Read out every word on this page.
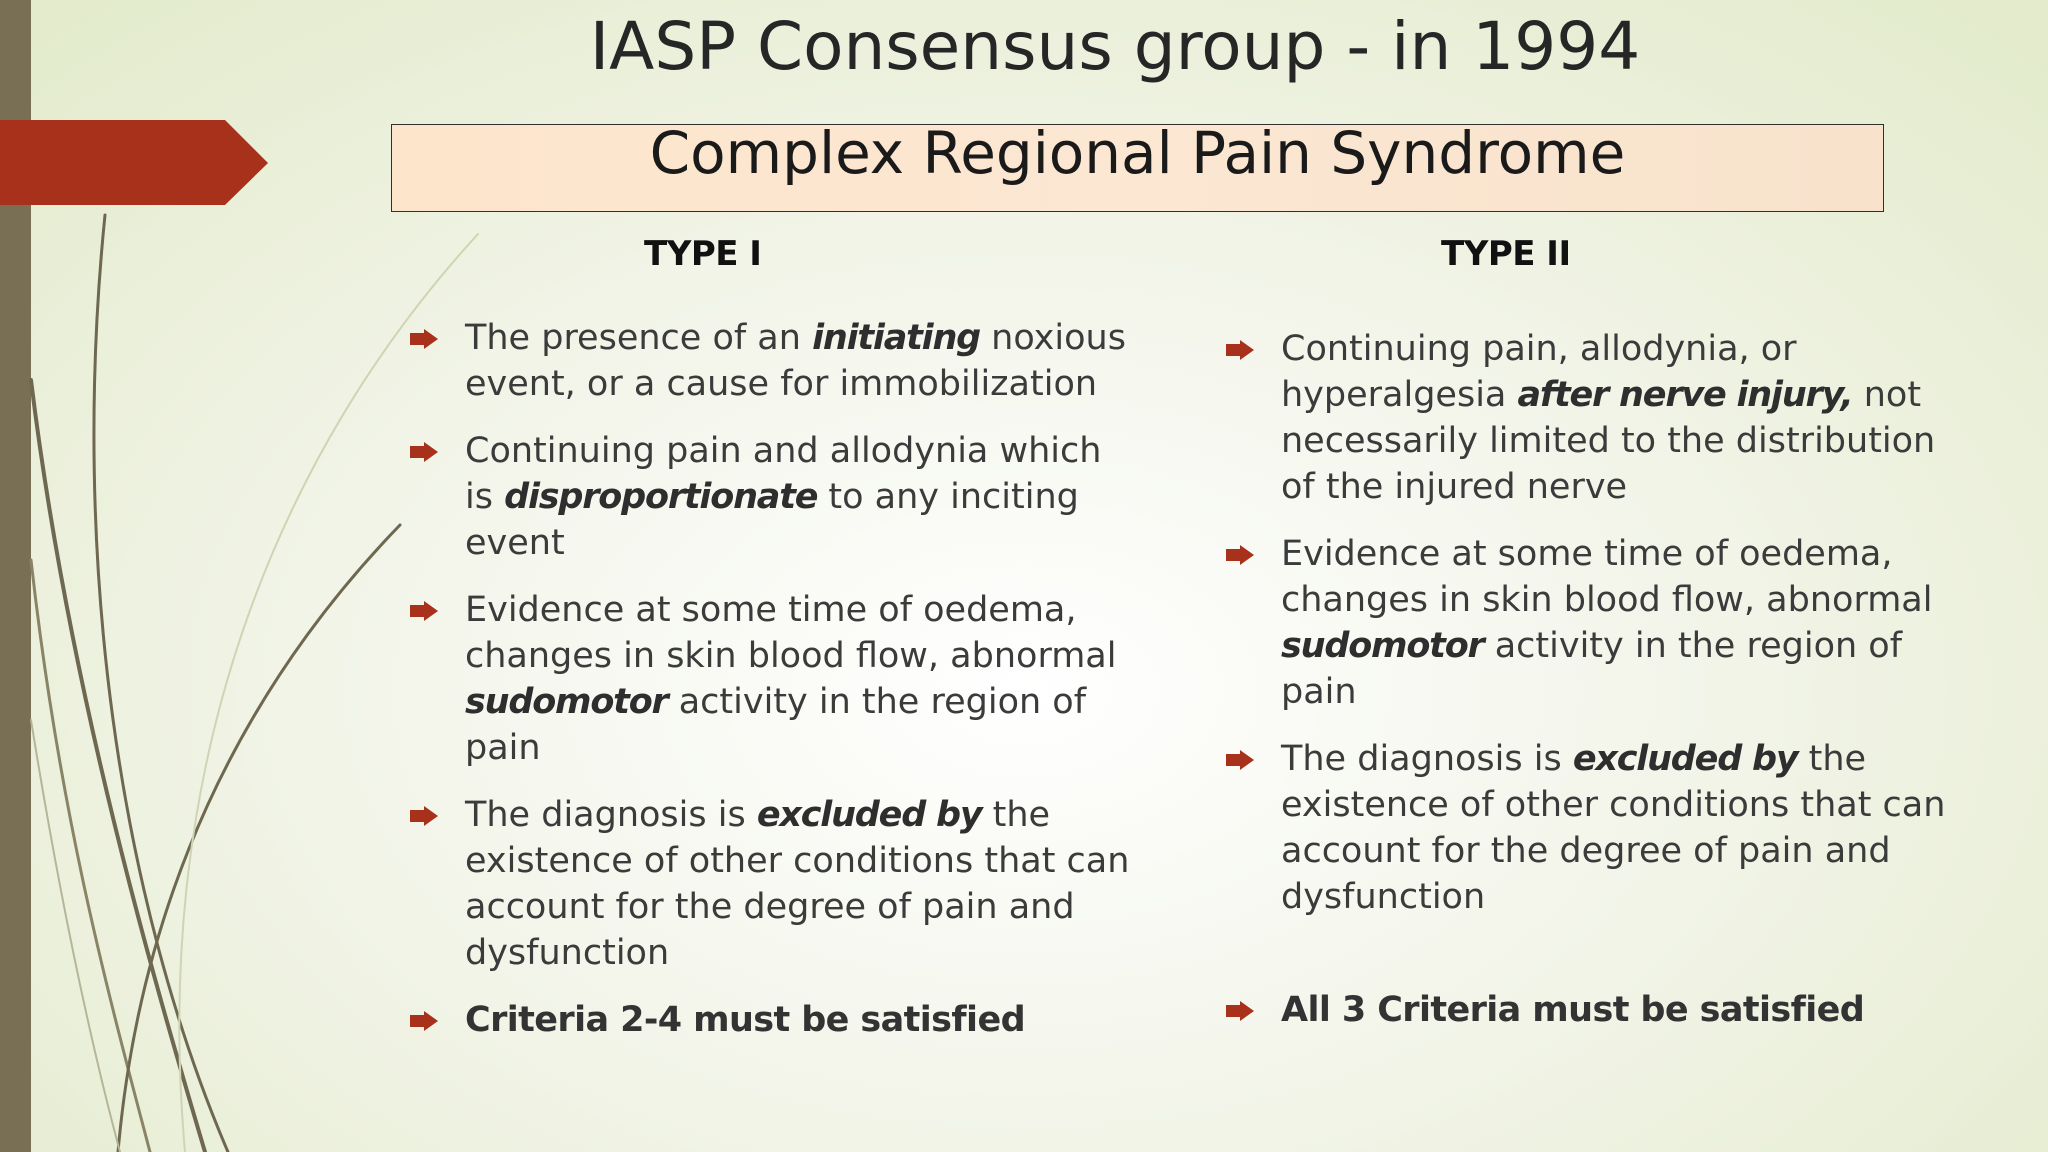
IASP Consensus group - in 1994
Complex Regional Pain Syndrome
TYPE I	TYPE II
The presence of an initiating noxious
event, or a cause for immobilization
Continuing pain and allodynia which
is disproportionate to any inciting
event
Evidence at some time of oedema,
changes in skin blood flow, abnormal
sudomotor activity in the region of
pain
The diagnosis is excluded by the
existence of other conditions that can
account for the degree of pain and
dysfunction
Criteria 2-4 must be satisfied
Continuing pain, allodynia, or
hyperalgesia after nerve injury, not
necessarily limited to the distribution
of the injured nerve
Evidence at some time of oedema,
changes in skin blood flow, abnormal
sudomotor activity in the region of
pain
The diagnosis is excluded by the
existence of other conditions that can
account for the degree of pain and
dysfunction
All 3 Criteria must be satisfied
